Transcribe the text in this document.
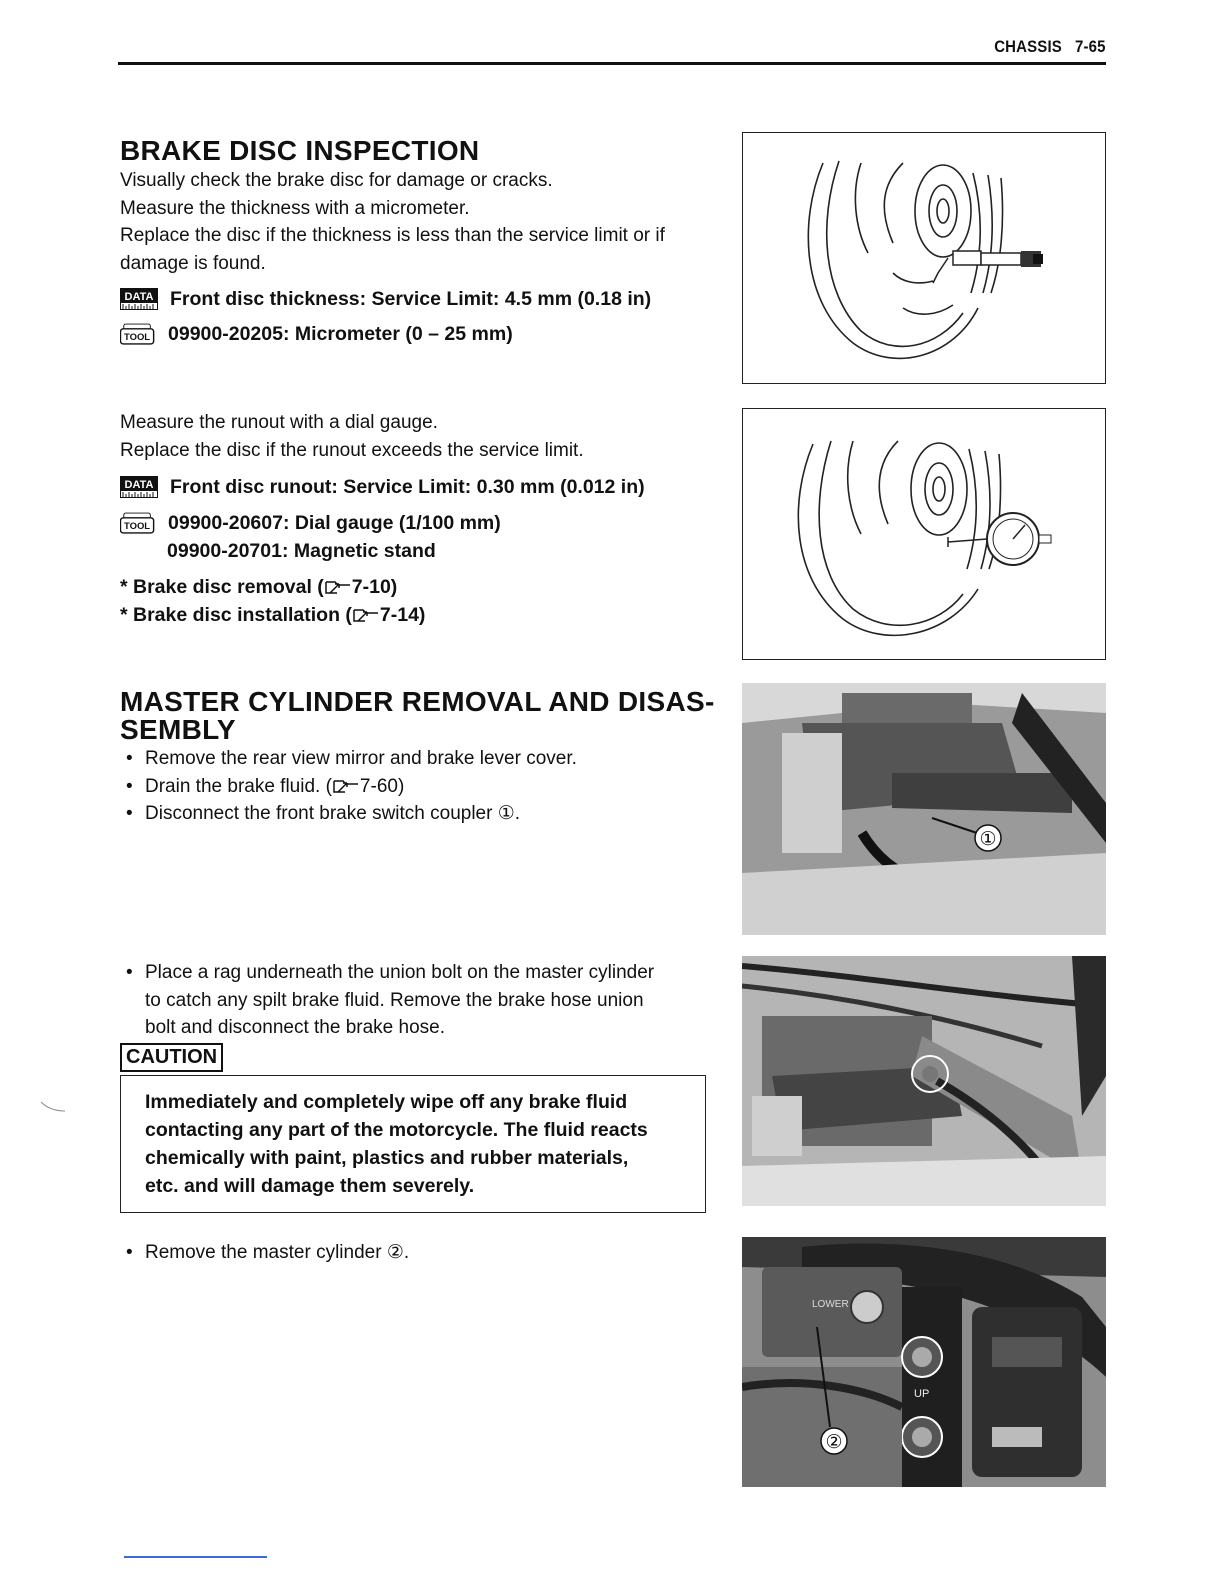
CHASSIS 7-65
BRAKE DISC INSPECTION

Visually check the brake disc for damage or cracks.

Measure the thickness with a micrometer.

Replace the disc if the thickness is less than the service limit or if

damage is found.

DATA Front disc thickness: Service Limit: 4.5 mm (0.18 in)
TOOL 09900-20205: Micrometer (0 – 25 mm)

Measure the runout with a dial gauge.

Replace the disc if the runout exceeds the service limit.

DATA Front disc runout: Service Limit: 0.30 mm (0.012 in)
TOOL 09900-20607: Dial gauge (1/100 mm)
09900-20701: Magnetic stand
* Brake disc removal ( 7-10)
* Brake disc installation ( 7-14)
MASTER CYLINDER REMOVAL AND DISAS-
SEMBLY
• Remove the rear view mirror and brake lever cover.
• Drain the brake fluid. ( 7-60)
• Disconnect the front brake switch coupler ①.
①
• Place a rag underneath the union bolt on the master cylinder
to catch any spilt brake fluid. Remove the brake hose union
bolt and disconnect the brake hose.
CAUTION
Immediately and completely wipe off any brake fluid
contacting any part of the motorcycle. The fluid reacts
chemically with paint, plastics and rubber materials,
etc. and will damage them severely.
• Remove the master cylinder ②.
LOWER
UP
②
